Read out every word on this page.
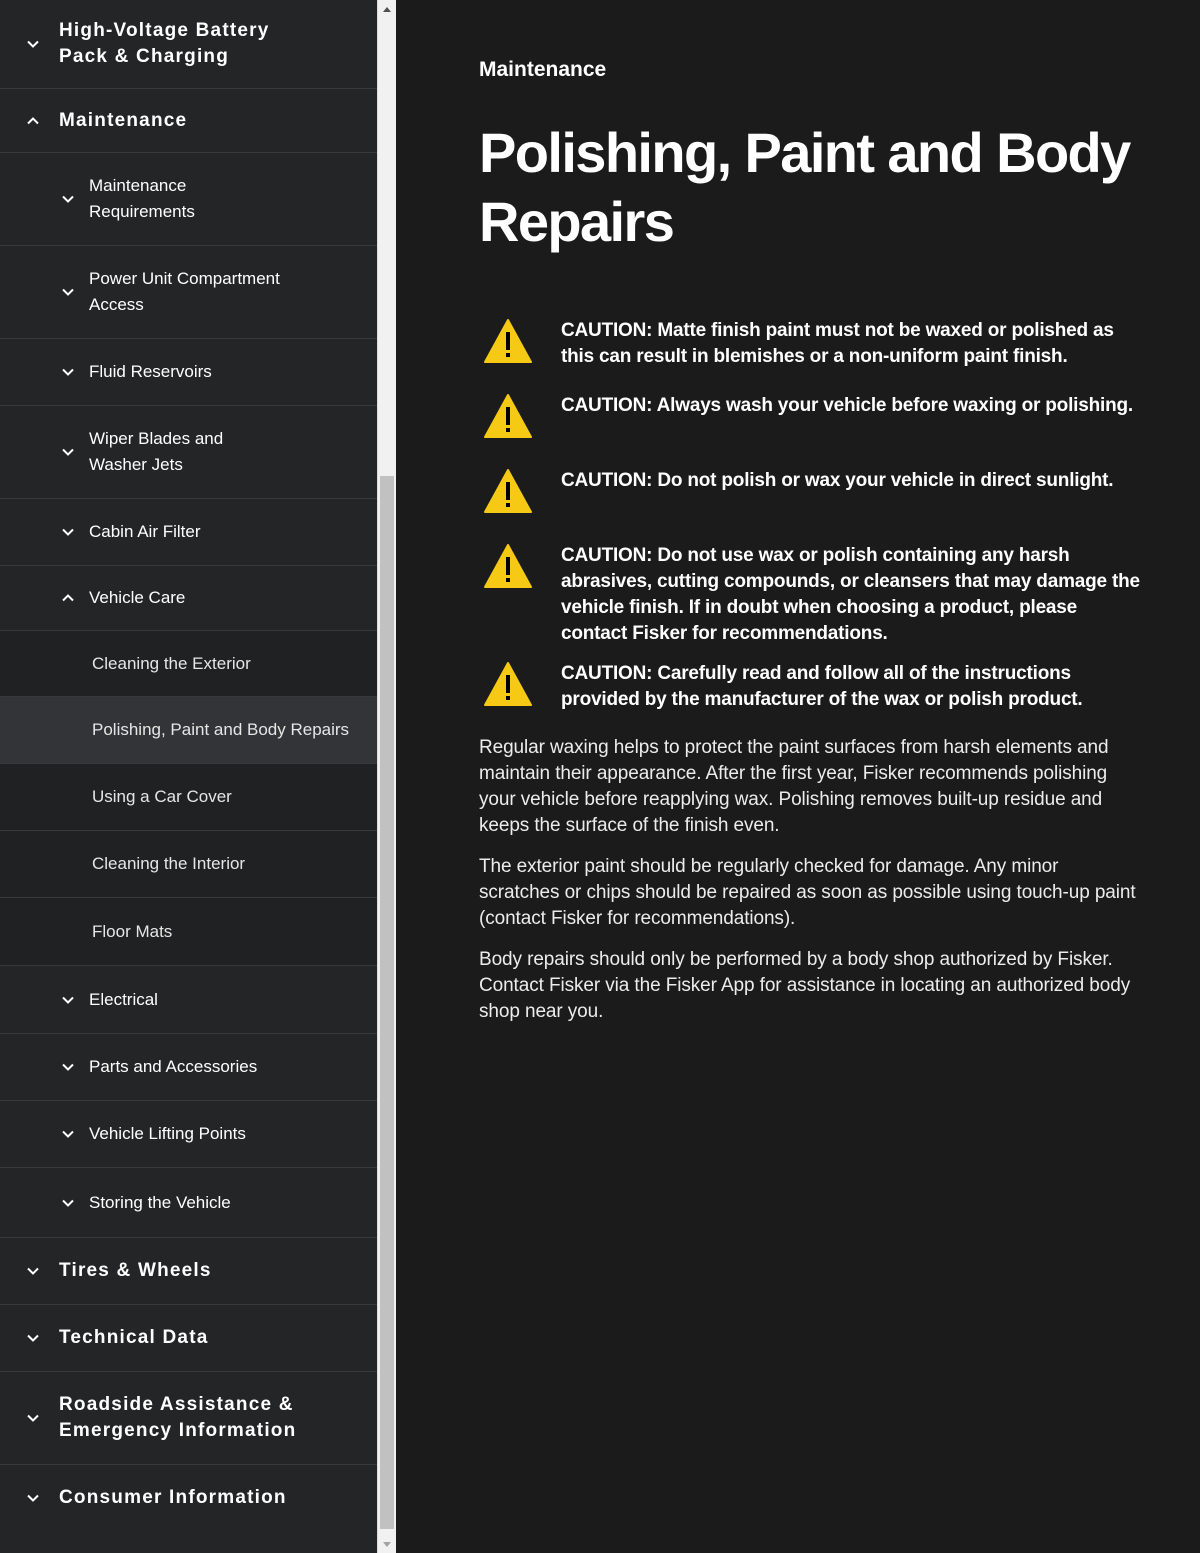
High-Voltage Battery Pack & Charging
Maintenance
Maintenance Requirements
Power Unit Compartment Access
Fluid Reservoirs
Wiper Blades and Washer Jets
Cabin Air Filter
Vehicle Care
Cleaning the Exterior
Polishing, Paint and Body Repairs
Using a Car Cover
Cleaning the Interior
Floor Mats
Electrical
Parts and Accessories
Vehicle Lifting Points
Storing the Vehicle
Tires & Wheels
Technical Data
Roadside Assistance & Emergency Information
Consumer Information
Maintenance
Polishing, Paint and Body Repairs
CAUTION: Matte finish paint must not be waxed or polished as this can result in blemishes or a non-uniform paint finish.
CAUTION: Always wash your vehicle before waxing or polishing.
CAUTION: Do not polish or wax your vehicle in direct sunlight.
CAUTION: Do not use wax or polish containing any harsh abrasives, cutting compounds, or cleansers that may damage the vehicle finish. If in doubt when choosing a product, please contact Fisker for recommendations.
CAUTION: Carefully read and follow all of the instructions provided by the manufacturer of the wax or polish product.

Regular waxing helps to protect the paint surfaces from harsh elements and maintain their appearance. After the first year, Fisker recommends polishing your vehicle before reapplying wax. Polishing removes built-up residue and keeps the surface of the finish even.

The exterior paint should be regularly checked for damage. Any minor scratches or chips should be repaired as soon as possible using touch-up paint (contact Fisker for recommendations).

Body repairs should only be performed by a body shop authorized by Fisker. Contact Fisker via the Fisker App for assistance in locating an authorized body shop near you.
